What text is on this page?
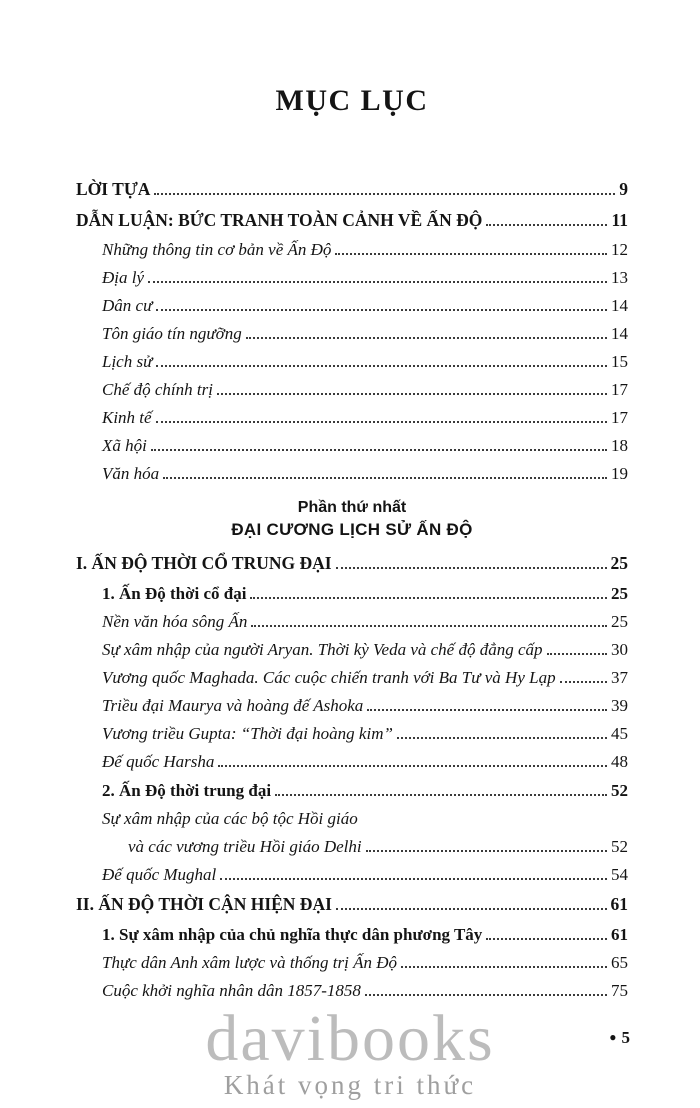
davibooks
Khát vọng tri thức
MỤC LỤC
LỜI TỰA	9
DẪN LUẬN: BỨC TRANH TOÀN CẢNH VỀ ẤN ĐỘ	11
Những thông tin cơ bản về Ấn Độ	12
Địa lý	13
Dân cư	14
Tôn giáo tín ngưỡng	14
Lịch sử	15
Chế độ chính trị	17
Kinh tế	17
Xã hội	18
Văn hóa	19
Phần thứ nhất
ĐẠI CƯƠNG LỊCH SỬ ẤN ĐỘ
I. ẤN ĐỘ THỜI CỔ TRUNG ĐẠI	25
1. Ấn Độ thời cổ đại	25
Nền văn hóa sông Ấn	25
Sự xâm nhập của người Aryan. Thời kỳ Veda và chế độ đẳng cấp	30
Vương quốc Maghada. Các cuộc chiến tranh với Ba Tư và Hy Lạp	37
Triều đại Maurya và hoàng đế Ashoka	39
Vương triều Gupta: “Thời đại hoàng kim”	45
Đế quốc Harsha	48
2. Ấn Độ thời trung đại	52
Sự xâm nhập của các bộ tộc Hồi giáo
và các vương triều Hồi giáo Delhi	52
Đế quốc Mughal	54
II. ẤN ĐỘ THỜI CẬN HIỆN ĐẠI	61
1. Sự xâm nhập của chủ nghĩa thực dân phương Tây	61
Thực dân Anh xâm lược và thống trị Ấn Độ	65
Cuộc khởi nghĩa nhân dân 1857-1858	75
● 5
